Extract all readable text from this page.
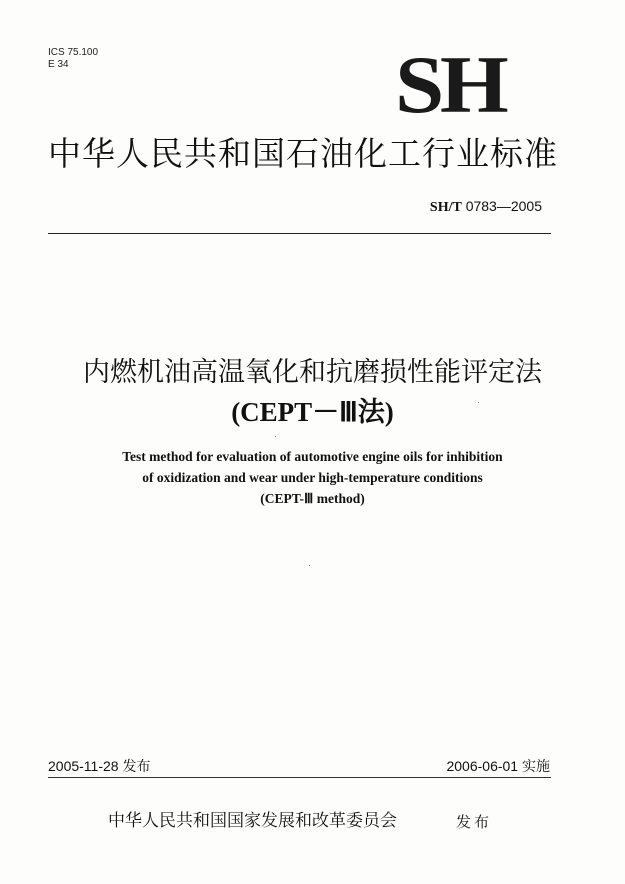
ICS 75.100
E 34	SH
中华人民共和国石油化工行业标准
SH/T 0783—2005
内燃机油高温氧化和抗磨损性能评定法
(CEPT－Ⅲ法)
Test method for evaluation of automotive engine oils for inhibition
of oxidization and wear under high-temperature conditions
(CEPT-Ⅲ method)
2005-11-28 发布	2006-06-01 实施
中华人民共和国国家发展和改革委员会	发布
